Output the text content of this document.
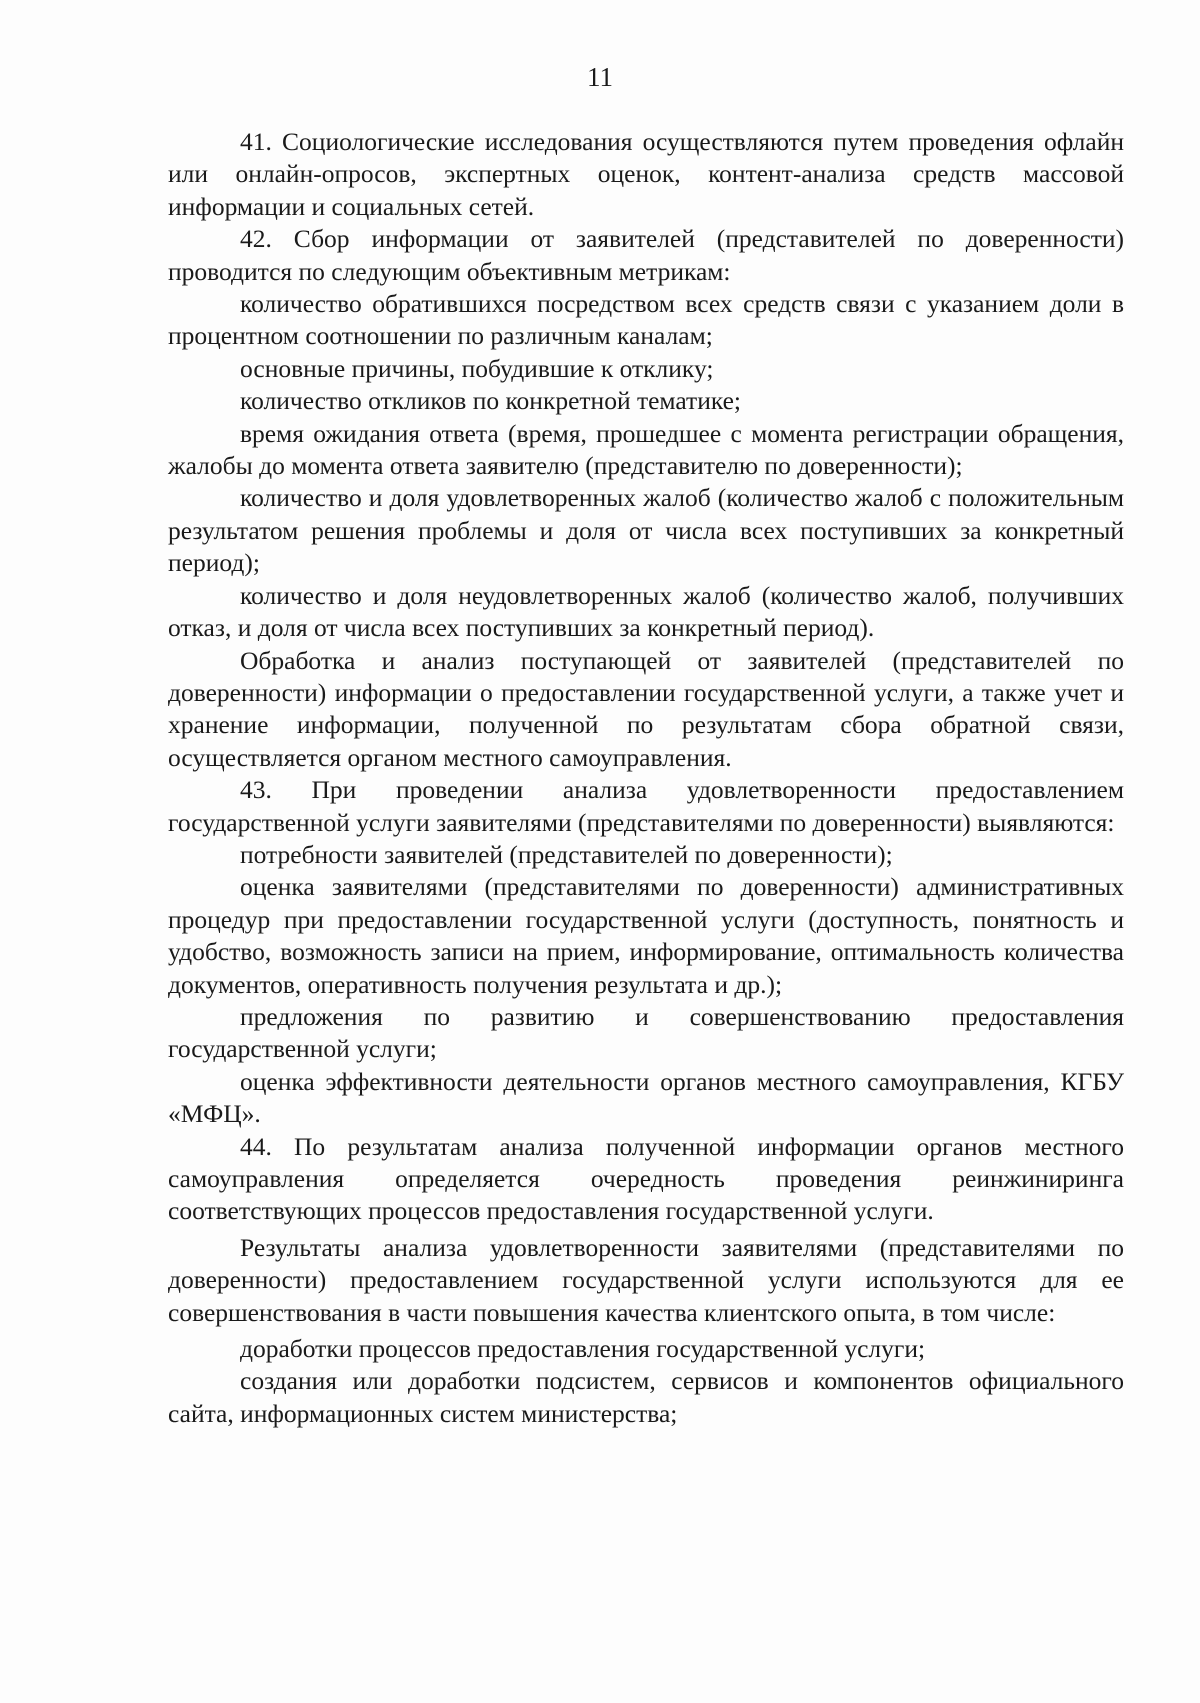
11

41. Социологические исследования осуществляются путем проведения офлайн или онлайн-опросов, экспертных оценок, контент-анализа средств массовой информации и социальных сетей.

42. Сбор информации от заявителей (представителей по доверенности) проводится по следующим объективным метрикам:

количество обратившихся посредством всех средств связи с указанием доли в процентном соотношении по различным каналам;

основные причины, побудившие к отклику;

количество откликов по конкретной тематике;

время ожидания ответа (время, прошедшее с момента регистрации обращения, жалобы до момента ответа заявителю (представителю по доверенности);

количество и доля удовлетворенных жалоб (количество жалоб с положительным результатом решения проблемы и доля от числа всех поступивших за конкретный период);

количество и доля неудовлетворенных жалоб (количество жалоб, получивших отказ, и доля от числа всех поступивших за конкретный период).

Обработка и анализ поступающей от заявителей (представителей по доверенности) информации о предоставлении государственной услуги, а также учет и хранение информации, полученной по результатам сбора обратной связи, осуществляется органом местного самоуправления.

43. При проведении анализа удовлетворенности предоставлением государственной услуги заявителями (представителями по доверенности) выявляются:

потребности заявителей (представителей по доверенности);

оценка заявителями (представителями по доверенности) административных процедур при предоставлении государственной услуги (доступность, понятность и удобство, возможность записи на прием, информирование, оптимальность количества документов, оперативность получения результата и др.);

предложения по развитию и совершенствованию предоставления государственной услуги;

оценка эффективности деятельности органов местного самоуправления, КГБУ «МФЦ».

44. По результатам анализа полученной информации органов местного самоуправления определяется очередность проведения реинжиниринга соответствующих процессов предоставления государственной услуги.

Результаты анализа удовлетворенности заявителями (представителями по доверенности) предоставлением государственной услуги используются для ее совершенствования в части повышения качества клиентского опыта, в том числе:

доработки процессов предоставления государственной услуги;

создания или доработки подсистем, сервисов и компонентов официального сайта, информационных систем министерства;
